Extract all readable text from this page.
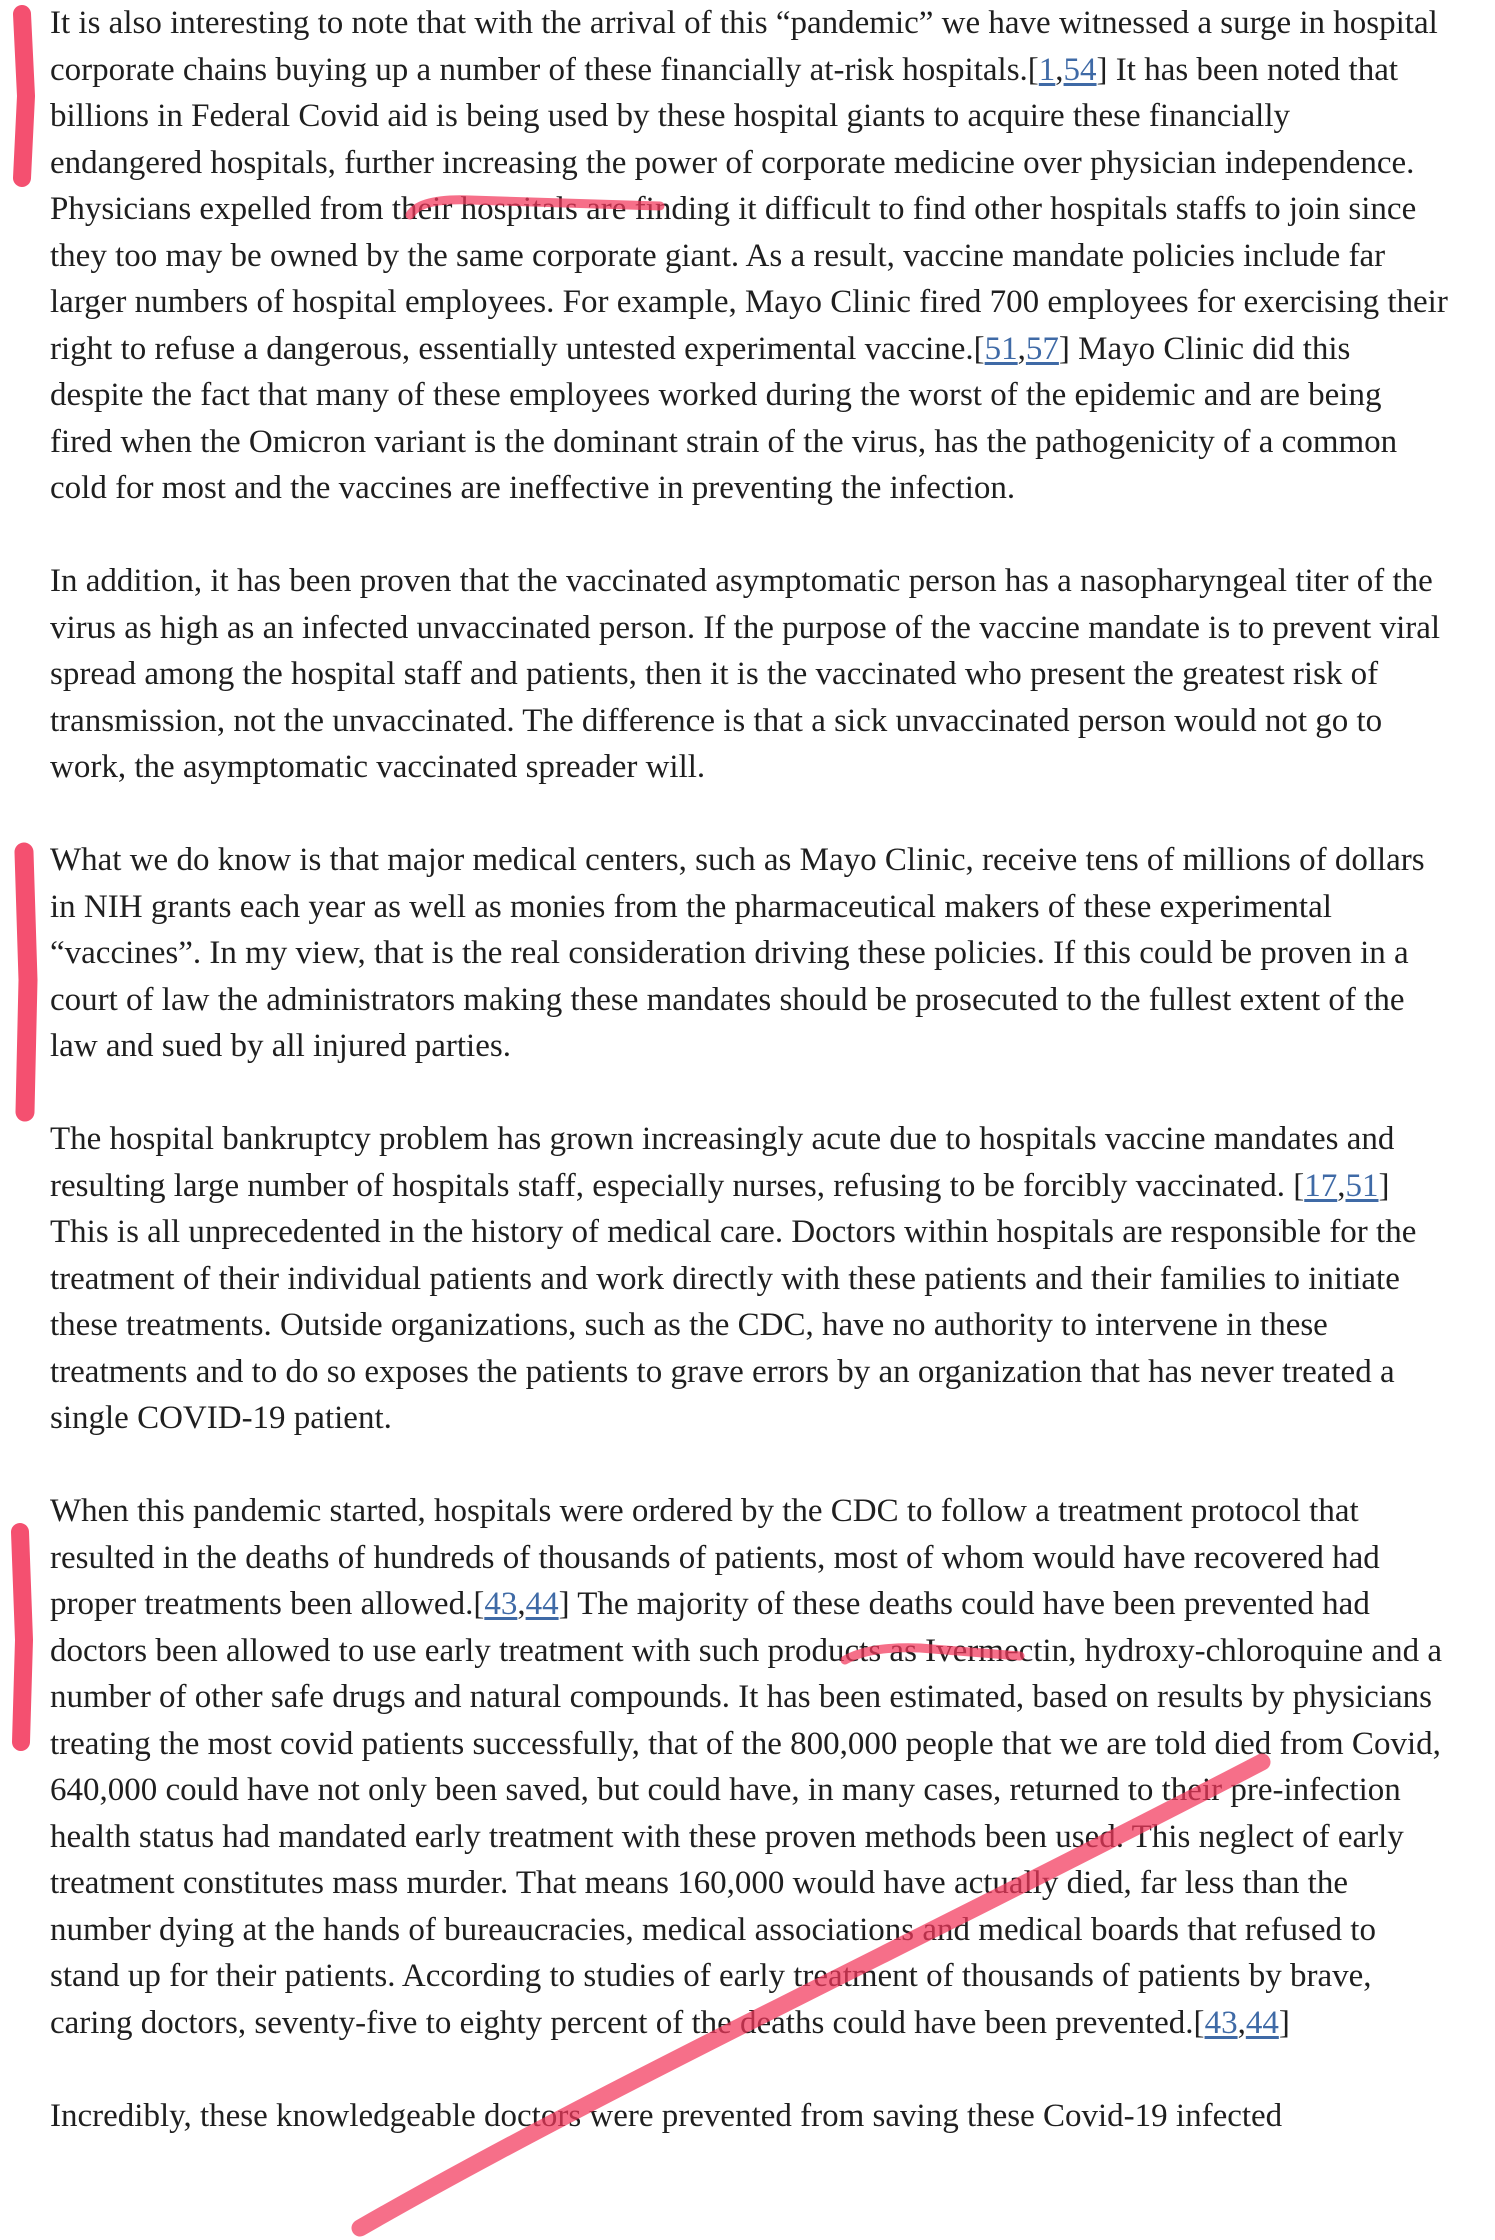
It is also interesting to note that with the arrival of this “pandemic” we have witnessed a surge in hospital corporate chains buying up a number of these financially at-risk hospitals.[1,54] It has been noted that billions in Federal Covid aid is being used by these hospital giants to acquire these financially endangered hospitals, further increasing the power of corporate medicine over physician independence. Physicians expelled from their hospitals are finding it difficult to find other hospitals staffs to join since they too may be owned by the same corporate giant. As a result, vaccine mandate policies include far larger numbers of hospital employees. For example, Mayo Clinic fired 700 employees for exercising their right to refuse a dangerous, essentially untested experimental vaccine.[51,57] Mayo Clinic did this despite the fact that many of these employees worked during the worst of the epidemic and are being fired when the Omicron variant is the dominant strain of the virus, has the pathogenicity of a common cold for most and the vaccines are ineffective in preventing the infection.

In addition, it has been proven that the vaccinated asymptomatic person has a nasopharyngeal titer of the virus as high as an infected unvaccinated person. If the purpose of the vaccine mandate is to prevent viral spread among the hospital staff and patients, then it is the vaccinated who present the greatest risk of transmission, not the unvaccinated. The difference is that a sick unvaccinated person would not go to work, the asymptomatic vaccinated spreader will.

What we do know is that major medical centers, such as Mayo Clinic, receive tens of millions of dollars in NIH grants each year as well as monies from the pharmaceutical makers of these experimental “vaccines”. In my view, that is the real consideration driving these policies. If this could be proven in a court of law the administrators making these mandates should be prosecuted to the fullest extent of the law and sued by all injured parties.

The hospital bankruptcy problem has grown increasingly acute due to hospitals vaccine mandates and resulting large number of hospitals staff, especially nurses, refusing to be forcibly vaccinated. [17,51] This is all unprecedented in the history of medical care. Doctors within hospitals are responsible for the treatment of their individual patients and work directly with these patients and their families to initiate these treatments. Outside organizations, such as the CDC, have no authority to intervene in these treatments and to do so exposes the patients to grave errors by an organization that has never treated a single COVID-19 patient.

When this pandemic started, hospitals were ordered by the CDC to follow a treatment protocol that resulted in the deaths of hundreds of thousands of patients, most of whom would have recovered had proper treatments been allowed.[43,44] The majority of these deaths could have been prevented had doctors been allowed to use early treatment with such products as Ivermectin, hydroxy-chloroquine and a number of other safe drugs and natural compounds. It has been estimated, based on results by physicians treating the most covid patients successfully, that of the 800,000 people that we are told died from Covid, 640,000 could have not only been saved, but could have, in many cases, returned to their pre-infection health status had mandated early treatment with these proven methods been used. This neglect of early treatment constitutes mass murder. That means 160,000 would have actually died, far less than the number dying at the hands of bureaucracies, medical associations and medical boards that refused to stand up for their patients. According to studies of early treatment of thousands of patients by brave, caring doctors, seventy-five to eighty percent of the deaths could have been prevented.[43,44]

Incredibly, these knowledgeable doctors were prevented from saving these Covid-19 infected
